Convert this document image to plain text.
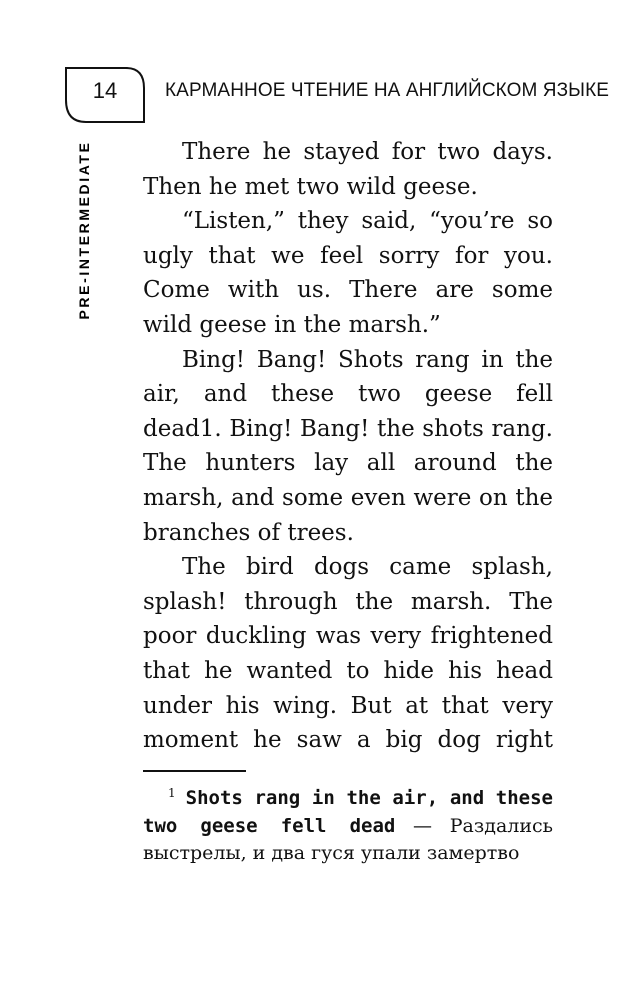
14	КАРМАННОЕ ЧТЕНИЕ НА АНГЛИЙСКОМ ЯЗЫКЕ
PRE-INTERMEDIATE	There he stayed for two days. Then he met two wild geese.

“Listen,” they said, “you’re so ugly that we feel sorry for you. Come with us. There are some wild geese in the marsh.”

Bing! Bang! Shots rang in the air, and these two geese fell dead1. Bing! Bang! the shots rang. The hunters lay all around the marsh, and some even were on the branches of trees.

The bird dogs came splash, splash! through the marsh. The poor duckling was very frightened that he wanted to hide his head under his wing. But at that very moment he saw a big dog right

$^1$ Shots rang in the air, and these two geese fell dead — Раздались выстрелы, и два гуся упали замертво
